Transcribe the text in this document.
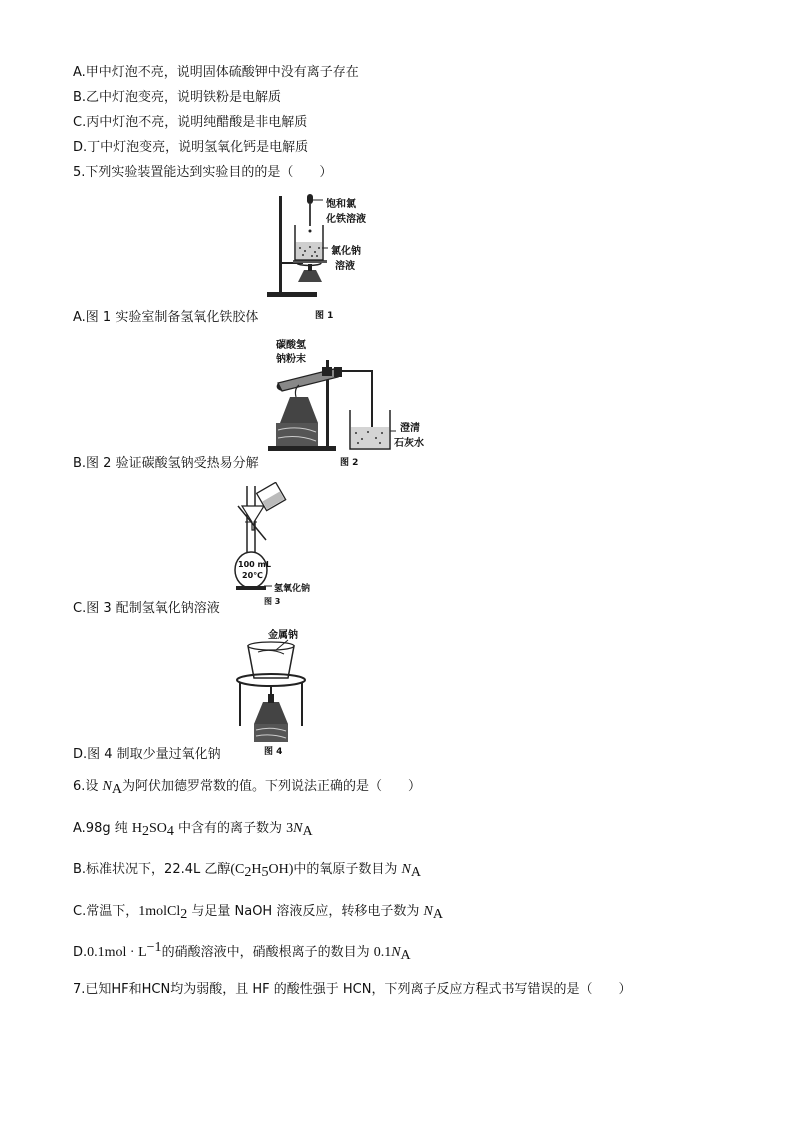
A.甲中灯泡不亮，说明固体硫酸钾中没有离子存在
B.乙中灯泡变亮，说明铁粉是电解质
C.丙中灯泡不亮，说明纯醋酸是非电解质
D.丁中灯泡变亮，说明氢氧化钙是电解质
5.下列实验装置能达到实验目的的是（　　）
饱和氯
化铁溶液
氯化钠
溶液
图 1
A.图 1 实验室制备氢氧化铁胶体
碳酸氢
钠粉末
澄清
石灰水
图 2
B.图 2 验证碳酸氢钠受热易分解
100 mL
20℃
氢氧化钠
图 3
C.图 3 配制氢氧化钠溶液
金属钠
图 4
D.图 4 制取少量过氧化钠
6.设 $N_A$为阿伏加德罗常数的值。下列说法正确的是（　　）
A.98g 纯 $H_2SO_4$ 中含有的离子数为 $3N_A$
B.标准状况下，22.4L 乙醇$(C_2H_5OH)$中的氧原子数目为 $N_A$
C.常温下，1molCl$_2$ 与足量 NaOH 溶液反应，转移电子数为 $N_A$
$D.0.1mol \cdot L^{-1}$的硝酸溶液中，硝酸根离子的数目为 $0.1N_A$
7.已知HF和HCN均为弱酸，且 HF 的酸性强于 HCN，下列离子反应方程式书写错误的是（　　）
